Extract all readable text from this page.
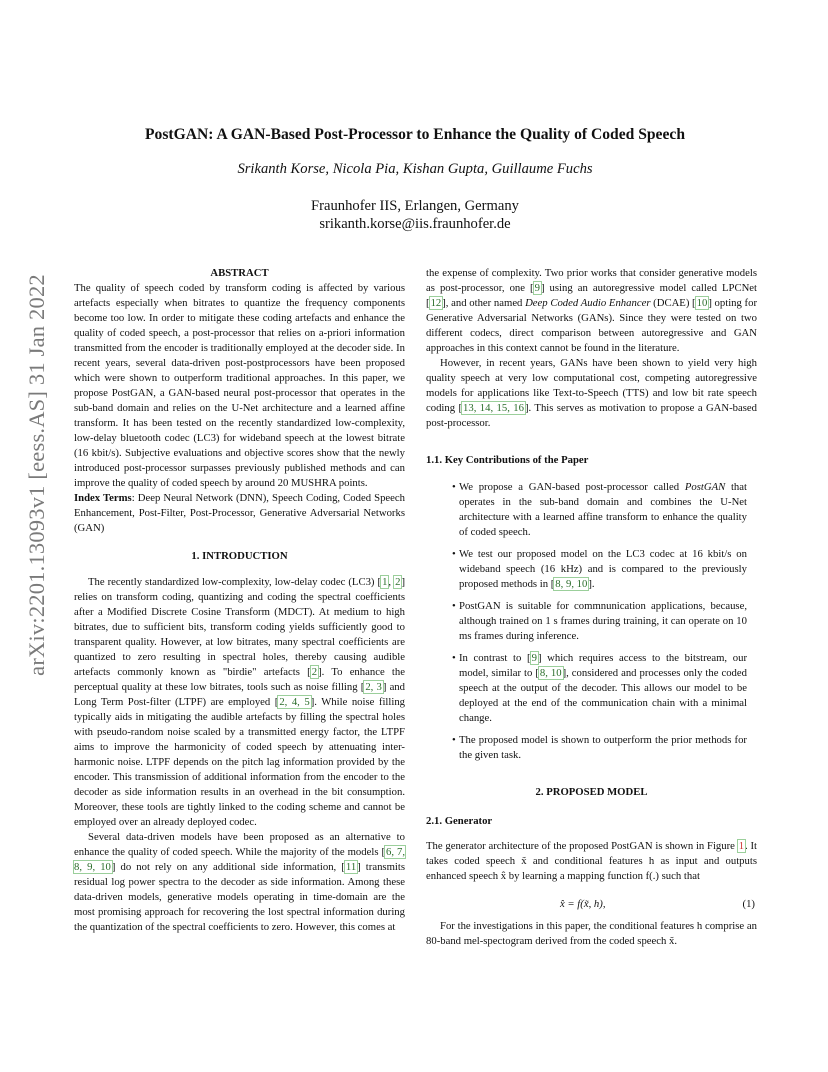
arXiv:2201.13093v1 [eess.AS] 31 Jan 2022
PostGAN: A GAN-Based Post-Processor to Enhance the Quality of Coded Speech
Srikanth Korse, Nicola Pia, Kishan Gupta, Guillaume Fuchs
Fraunhofer IIS, Erlangen, Germany
srikanth.korse@iis.fraunhofer.de

ABSTRACT

The quality of speech coded by transform coding is affected by various artefacts especially when bitrates to quantize the frequency components become too low. In order to mitigate these coding artefacts and enhance the quality of coded speech, a post-processor that relies on a-priori information transmitted from the encoder is traditionally employed at the decoder side. In recent years, several data-driven post-postprocessors have been proposed which were shown to outperform traditional approaches. In this paper, we propose PostGAN, a GAN-based neural post-processor that operates in the sub-band domain and relies on the U-Net architecture and a learned affine transform. It has been tested on the recently standardized low-complexity, low-delay bluetooth codec (LC3) for wideband speech at the lowest bitrate (16 kbit/s). Subjective evaluations and objective scores show that the newly introduced post-processor surpasses previously published methods and can improve the quality of coded speech by around 20 MUSHRA points.

Index Terms: Deep Neural Network (DNN), Speech Coding, Coded Speech Enhancement, Post-Filter, Post-Processor, Generative Adversarial Networks (GAN)

1. INTRODUCTION

The recently standardized low-complexity, low-delay codec (LC3) [1, 2] relies on transform coding, quantizing and coding the spectral coefficients after a Modified Discrete Cosine Transform (MDCT). At medium to high bitrates, due to sufficient bits, transform coding yields sufficiently good to transparent quality. However, at low bitrates, many spectral coefficients are quantized to zero resulting in spectral holes, thereby causing audible artefacts commonly known as "birdie" artefacts [2]. To enhance the perceptual quality at these low bitrates, tools such as noise filling [2, 3] and Long Term Post-filter (LTPF) are employed [2, 4, 5]. While noise filling typically aids in mitigating the audible artefacts by filling the spectral holes with pseudo-random noise scaled by a transmitted energy factor, the LTPF aims to improve the harmonicity of coded speech by attenuating inter-harmonic noise. LTPF depends on the pitch lag information provided by the encoder. This transmission of additional information from the encoder to the decoder as side information results in an overhead in the bit consumption. Moreover, these tools are tightly linked to the coding scheme and cannot be employed over an already deployed codec.

Several data-driven models have been proposed as an alternative to enhance the quality of coded speech. While the majority of the models [6, 7, 8, 9, 10] do not rely on any additional side information, [11] transmits residual log power spectra to the decoder as side information. Among these data-driven models, generative models operating in time-domain are the most promising approach for recovering the lost spectral information during the quantization of the spectral coefficients to zero. However, this comes at

the expense of complexity. Two prior works that consider generative models as post-processor, one [9] using an autoregressive model called LPCNet [12], and other named Deep Coded Audio Enhancer (DCAE) [10] opting for Generative Adversarial Networks (GANs). Since they were tested on two different codecs, direct comparison between autoregressive and GAN approaches in this context cannot be found in the literature.

However, in recent years, GANs have been shown to yield very high quality speech at very low computational cost, competing autoregressive models for applications like Text-to-Speech (TTS) and low bit rate speech coding [13, 14, 15, 16]. This serves as motivation to propose a GAN-based post-processor.

1.1. Key Contributions of the Paper

• We propose a GAN-based post-processor called PostGAN that operates in the sub-band domain and combines the U-Net architecture with a learned affine transform to enhance the quality of coded speech.

• We test our proposed model on the LC3 codec at 16 kbit/s on wideband speech (16 kHz) and is compared to the previously proposed methods in [8, 9, 10].

• PostGAN is suitable for commnunication applications, because, although trained on 1 s frames during training, it can operate on 10 ms frames during inference.

• In contrast to [9] which requires access to the bitstream, our model, similar to [8, 10], considered and processes only the coded speech at the output of the decoder. This allows our model to be deployed at the end of the communication chain with a minimal change.

• The proposed model is shown to outperform the prior methods for the given task.

2. PROPOSED MODEL

2.1. Generator

The generator architecture of the proposed PostGAN is shown in Figure 1. It takes coded speech x̃ and conditional features h as input and outputs enhanced speech x̂ by learning a mapping function f(.) such that

x̂ = f(x̃, h),	(1)

For the investigations in this paper, the conditional features h comprise an 80-band mel-spectogram derived from the coded speech x̃.
